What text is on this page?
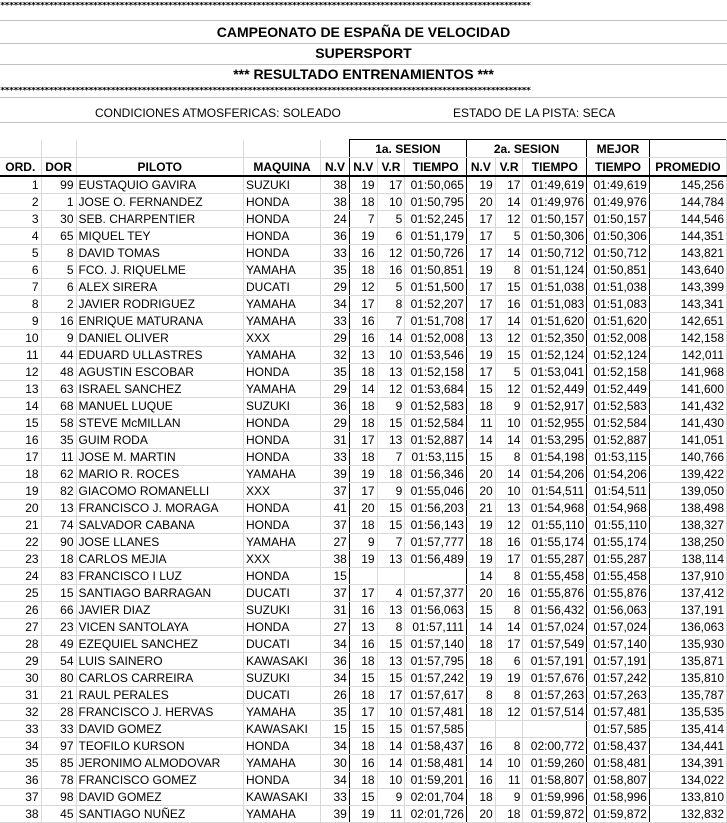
************************************************************************************************************************
CAMPEONATO DE ESPAÑA DE VELOCIDAD
SUPERSPORT
*** RESULTADO ENTRENAMIENTOS ***
************************************************************************************************************************
CONDICIONES ATMOSFERICAS: SOLEADO	ESTADO DE LA PISTA: SECA
					1a. SESION			2a. SESION			MEJOR	
ORD.	DOR	PILOTO	MAQUINA	N.V	N.V	V.R	TIEMPO	N.V	V.R	TIEMPO	TIEMPO	PROMEDIO
1	99	EUSTAQUIO GAVIRA	SUZUKI	38	19	17	01:50,065	19	17	01:49,619	01:49,619	145,256
2	1	JOSE O. FERNANDEZ	HONDA	38	18	10	01:50,795	20	14	01:49,976	01:49,976	144,784
3	30	SEB. CHARPENTIER	HONDA	24	7	5	01:52,245	17	12	01:50,157	01:50,157	144,546
4	65	MIQUEL TEY	HONDA	36	19	6	01:51,179	17	5	01:50,306	01:50,306	144,351
5	8	DAVID TOMAS	HONDA	33	16	12	01:50,726	17	14	01:50,712	01:50,712	143,821
6	5	FCO. J. RIQUELME	YAMAHA	35	18	16	01:50,851	19	8	01:51,124	01:50,851	143,640
7	6	ALEX SIRERA	DUCATI	29	12	5	01:51,500	17	15	01:51,038	01:51,038	143,399
8	2	JAVIER RODRIGUEZ	YAMAHA	34	17	8	01:52,207	17	16	01:51,083	01:51,083	143,341
9	16	ENRIQUE MATURANA	YAMAHA	33	16	7	01:51,708	17	14	01:51,620	01:51,620	142,651
10	9	DANIEL OLIVER	XXX	29	16	14	01:52,008	13	12	01:52,350	01:52,008	142,158
11	44	EDUARD ULLASTRES	YAMAHA	32	13	10	01:53,546	19	15	01:52,124	01:52,124	142,011
12	48	AGUSTIN ESCOBAR	HONDA	35	18	13	01:52,158	17	5	01:53,041	01:52,158	141,968
13	63	ISRAEL SANCHEZ	YAMAHA	29	14	12	01:53,684	15	12	01:52,449	01:52,449	141,600
14	68	MANUEL LUQUE	SUZUKI	36	18	9	01:52,583	18	9	01:52,917	01:52,583	141,432
15	58	STEVE McMILLAN	HONDA	29	18	15	01:52,584	11	10	01:52,955	01:52,584	141,430
16	35	GUIM RODA	HONDA	31	17	13	01:52,887	14	14	01:53,295	01:52,887	141,051
17	11	JOSE M. MARTIN	HONDA	33	18	7	01:53,115	15	8	01:54,198	01:53,115	140,766
18	62	MARIO R. ROCES	YAMAHA	39	19	18	01:56,346	20	14	01:54,206	01:54,206	139,422
19	82	GIACOMO ROMANELLI	XXX	37	17	9	01:55,046	20	10	01:54,511	01:54,511	139,050
20	13	FRANCISCO J. MORAGA	HONDA	41	20	15	01:56,203	21	13	01:54,968	01:54,968	138,498
21	74	SALVADOR CABANA	HONDA	37	18	15	01:56,143	19	12	01:55,110	01:55,110	138,327
22	90	JOSE LLANES	YAMAHA	27	9	7	01:57,777	18	16	01:55,174	01:55,174	138,250
23	18	CARLOS MEJIA	XXX	38	19	13	01:56,489	19	17	01:55,287	01:55,287	138,114
24	83	FRANCISCO I LUZ	HONDA	15				14	8	01:55,458	01:55,458	137,910
25	15	SANTIAGO BARRAGAN	DUCATI	37	17	4	01:57,377	20	16	01:55,876	01:55,876	137,412
26	66	JAVIER DIAZ	SUZUKI	31	16	13	01:56,063	15	8	01:56,432	01:56,063	137,191
27	23	VICEN SANTOLAYA	HONDA	27	13	8	01:57,111	14	14	01:57,024	01:57,024	136,063
28	49	EZEQUIEL SANCHEZ	DUCATI	34	16	15	01:57,140	18	17	01:57,549	01:57,140	135,930
29	54	LUIS SAINERO	KAWASAKI	36	18	13	01:57,795	18	6	01:57,191	01:57,191	135,871
30	80	CARLOS CARREIRA	SUZUKI	34	15	15	01:57,242	19	19	01:57,676	01:57,242	135,810
31	21	RAUL PERALES	DUCATI	26	18	17	01:57,617	8	8	01:57,263	01:57,263	135,787
32	28	FRANCISCO J. HERVAS	YAMAHA	35	17	10	01:57,481	18	12	01:57,514	01:57,481	135,535
33	33	DAVID GOMEZ	KAWASAKI	15	15	15	01:57,585				01:57,585	135,414
34	97	TEOFILO KURSON	HONDA	34	18	14	01:58,437	16	8	02:00,772	01:58,437	134,441
35	85	JERONIMO ALMODOVAR	YAMAHA	30	16	14	01:58,481	14	10	01:59,260	01:58,481	134,391
36	78	FRANCISCO GOMEZ	HONDA	34	18	10	01:59,201	16	11	01:58,807	01:58,807	134,022
37	98	DAVID GOMEZ	KAWASAKI	33	15	9	02:01,704	18	9	01:59,996	01:58,996	133,810
38	45	SANTIAGO NUÑEZ	YAMAHA	39	19	11	02:01,726	20	18	01:59,872	01:59,872	132,832
